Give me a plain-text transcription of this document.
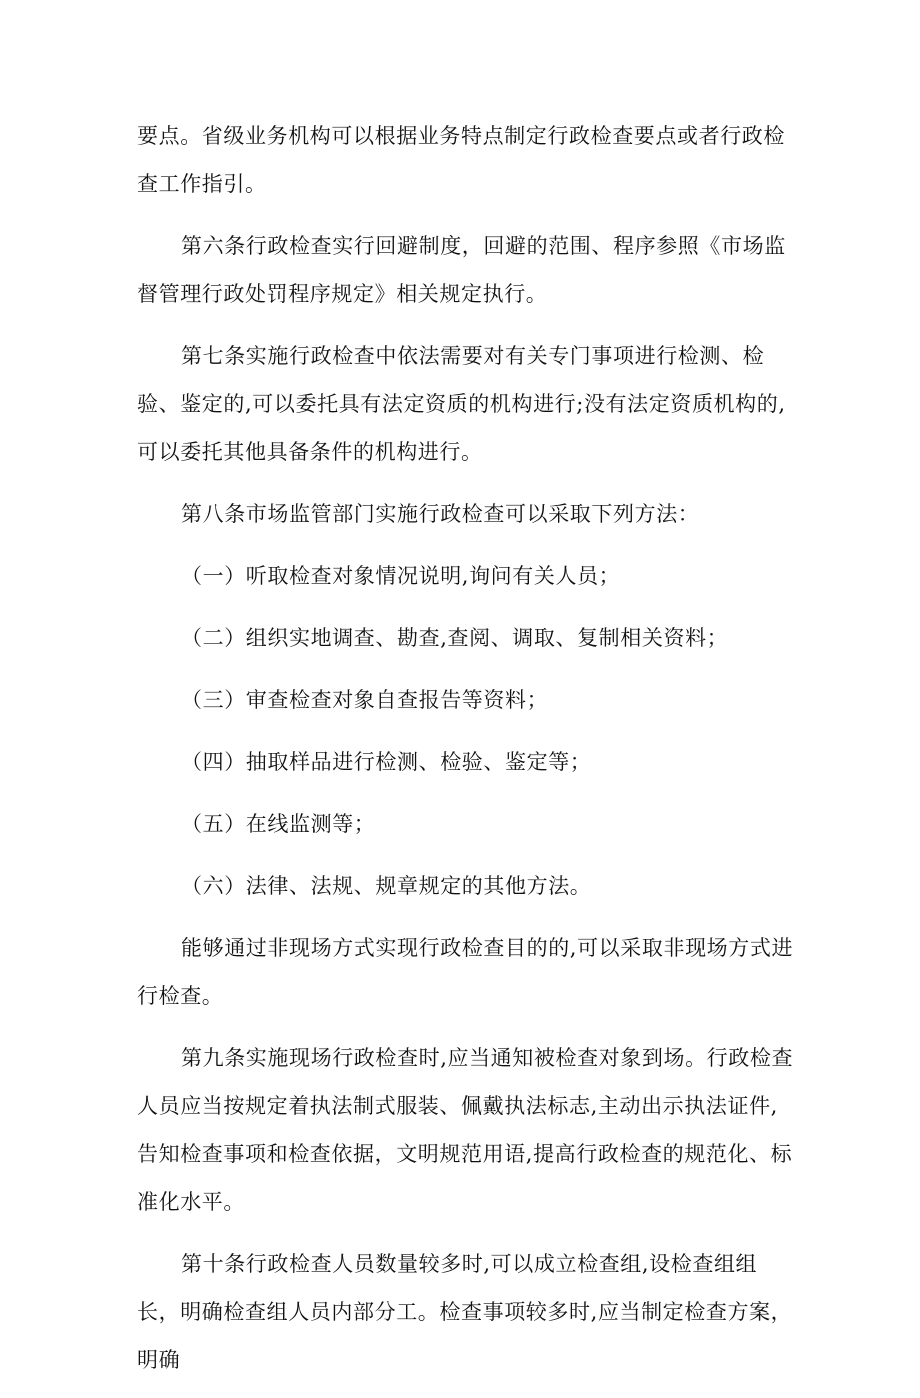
要点。省级业务机构可以根据业务特点制定行政检查要点或者行政检查工作指引。

第六条行政检查实行回避制度，回避的范围、程序参照《市场监督管理行政处罚程序规定》相关规定执行。

第七条实施行政检查中依法需要对有关专门事项进行检测、检验、鉴定的,可以委托具有法定资质的机构进行;没有法定资质机构的,可以委托其他具备条件的机构进行。

第八条市场监管部门实施行政检查可以采取下列方法：

（一）听取检查对象情况说明,询问有关人员；

（二）组织实地调查、勘查,查阅、调取、复制相关资料；

（三）审查检查对象自查报告等资料；

（四）抽取样品进行检测、检验、鉴定等；

（五）在线监测等；

（六）法律、法规、规章规定的其他方法。

能够通过非现场方式实现行政检查目的的,可以采取非现场方式进行检查。

第九条实施现场行政检查时,应当通知被检查对象到场。行政检查人员应当按规定着执法制式服装、佩戴执法标志,主动出示执法证件,告知检查事项和检查依据，文明规范用语,提高行政检查的规范化、标准化水平。

第十条行政检查人员数量较多时,可以成立检查组,设检查组组长，明确检查组人员内部分工。检查事项较多时,应当制定检查方案，明确
